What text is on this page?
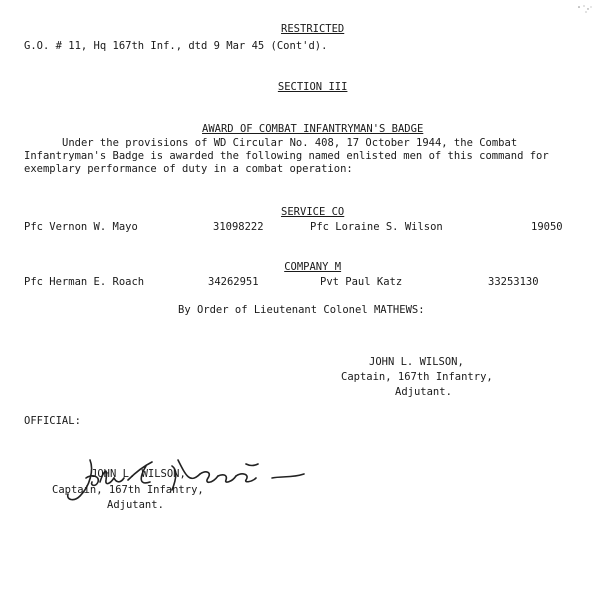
RESTRICTED

G.O. # 11, Hq 167th Inf., dtd 9 Mar 45 (Cont'd).

SECTION III

AWARD OF COMBAT INFANTRYMAN'S BADGE

Under the provisions of WD Circular No. 408, 17 October 1944, the Combat Infantryman's Badge is awarded the following named enlisted men of this command for exemplary performance of duty in a combat operation:

SERVICE CO

Pfc Vernon W. Mayo	31098222	Pfc Loraine S. Wilson	19050

COMPANY M

Pfc Herman E. Roach	34262951	Pvt Paul Katz	33253130
By Order of Lieutenant Colonel MATHEWS:
JOHN L. WILSON,
Captain, 167th Infantry,
Adjutant.
OFFICIAL:

JOHN L. WILSON,
Captain, 167th Infantry,
Adjutant.
